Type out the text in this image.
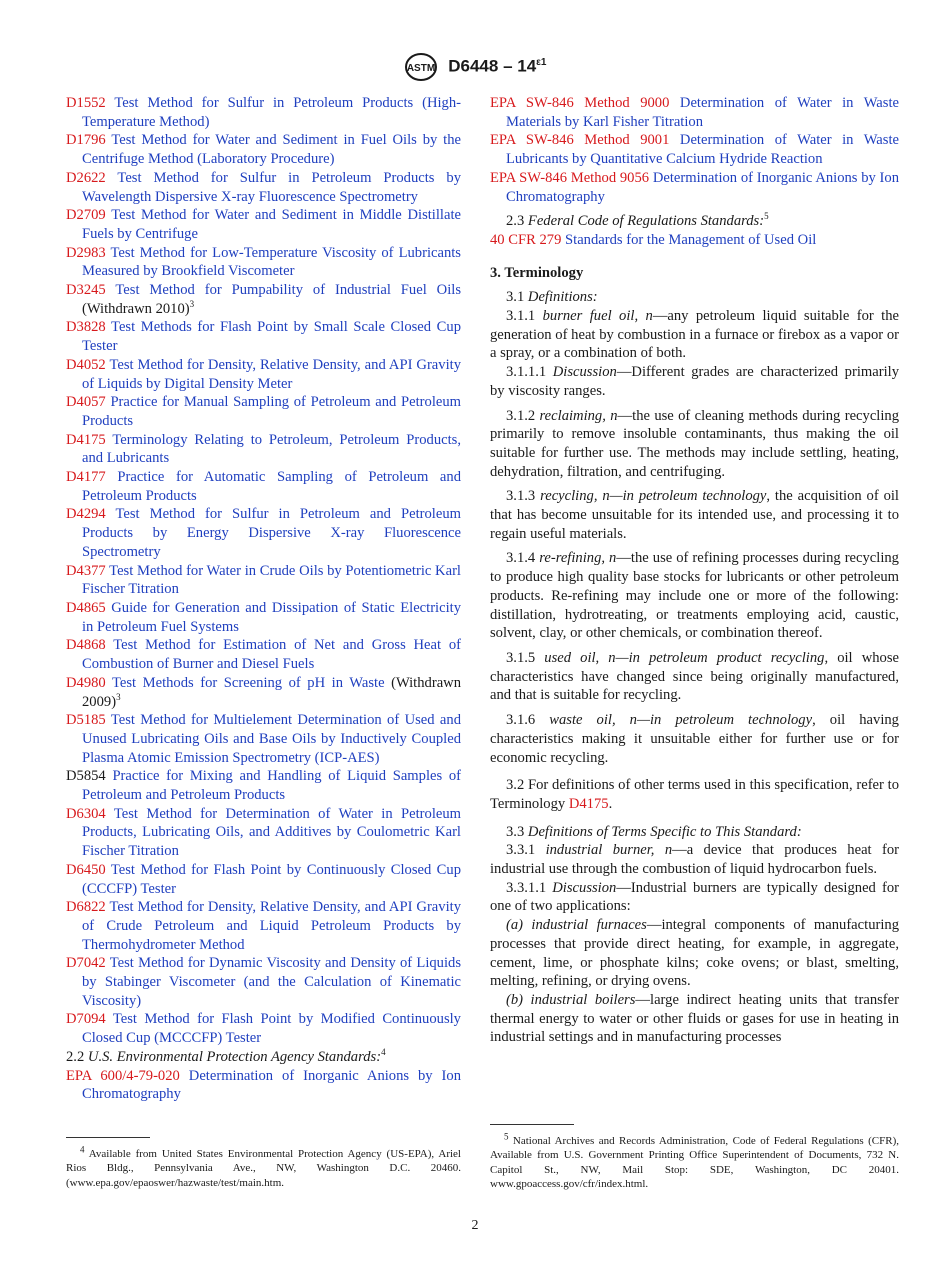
ASTM $D6448 - 14^{\varepsilon 1}$
D1552 Test Method for Sulfur in Petroleum Products (High-Temperature Method)
D1796 Test Method for Water and Sediment in Fuel Oils by the Centrifuge Method (Laboratory Procedure)
D2622 Test Method for Sulfur in Petroleum Products by Wavelength Dispersive X-ray Fluorescence Spectrometry
D2709 Test Method for Water and Sediment in Middle Distillate Fuels by Centrifuge
D2983 Test Method for Low-Temperature Viscosity of Lubricants Measured by Brookfield Viscometer
D3245 Test Method for Pumpability of Industrial Fuel Oils (Withdrawn 2010)$^3$
D3828 Test Methods for Flash Point by Small Scale Closed Cup Tester
D4052 Test Method for Density, Relative Density, and API Gravity of Liquids by Digital Density Meter
D4057 Practice for Manual Sampling of Petroleum and Petroleum Products
D4175 Terminology Relating to Petroleum, Petroleum Products, and Lubricants
D4177 Practice for Automatic Sampling of Petroleum and Petroleum Products
D4294 Test Method for Sulfur in Petroleum and Petroleum Products by Energy Dispersive X-ray Fluorescence Spectrometry
D4377 Test Method for Water in Crude Oils by Potentiometric Karl Fischer Titration
D4865 Guide for Generation and Dissipation of Static Electricity in Petroleum Fuel Systems
D4868 Test Method for Estimation of Net and Gross Heat of Combustion of Burner and Diesel Fuels
D4980 Test Methods for Screening of pH in Waste (Withdrawn 2009)$^3$
D5185 Test Method for Multielement Determination of Used and Unused Lubricating Oils and Base Oils by Inductively Coupled Plasma Atomic Emission Spectrometry (ICP-AES)
D5854 Practice for Mixing and Handling of Liquid Samples of Petroleum and Petroleum Products
D6304 Test Method for Determination of Water in Petroleum Products, Lubricating Oils, and Additives by Coulometric Karl Fischer Titration
D6450 Test Method for Flash Point by Continuously Closed Cup (CCCFP) Tester
D6822 Test Method for Density, Relative Density, and API Gravity of Crude Petroleum and Liquid Petroleum Products by Thermohydrometer Method
D7042 Test Method for Dynamic Viscosity and Density of Liquids by Stabinger Viscometer (and the Calculation of Kinematic Viscosity)
D7094 Test Method for Flash Point by Modified Continuously Closed Cup (MCCCFP) Tester
2.2 U.S. Environmental Protection Agency Standards:$^4$
EPA 600/4-79-020 Determination of Inorganic Anions by Ion Chromatography
$^4$ Available from United States Environmental Protection Agency (US-EPA), Ariel Rios Bldg., Pennsylvania Ave., NW, Washington D.C. 20460. (www.epa.gov/epaoswer/hazwaste/test/main.htm.
EPA SW-846 Method 9000 Determination of Water in Waste Materials by Karl Fisher Titration
EPA SW-846 Method 9001 Determination of Water in Waste Lubricants by Quantitative Calcium Hydride Reaction
EPA SW-846 Method 9056 Determination of Inorganic Anions by Ion Chromatography
2.3 Federal Code of Regulations Standards:$^5$
40 CFR 279 Standards for the Management of Used Oil
3. Terminology
3.1 Definitions:
3.1.1 burner fuel oil, n—any petroleum liquid suitable for the generation of heat by combustion in a furnace or firebox as a vapor or a spray, or a combination of both.
3.1.1.1 Discussion—Different grades are characterized primarily by viscosity ranges.
3.1.2 reclaiming, n—the use of cleaning methods during recycling primarily to remove insoluble contaminants, thus making the oil suitable for further use. The methods may include settling, heating, dehydration, filtration, and centrifuging.
3.1.3 recycling, n—in petroleum technology, the acquisition of oil that has become unsuitable for its intended use, and processing it to regain useful materials.
3.1.4 re-refining, n—the use of refining processes during recycling to produce high quality base stocks for lubricants or other petroleum products. Re-refining may include one or more of the following: distillation, hydrotreating, or treatments employing acid, caustic, solvent, clay, or other chemicals, or combination thereof.
3.1.5 used oil, n—in petroleum product recycling, oil whose characteristics have changed since being originally manufactured, and that is suitable for recycling.
3.1.6 waste oil, n—in petroleum technology, oil having characteristics making it unsuitable either for further use or for economic recycling.
3.2 For definitions of other terms used in this specification, refer to Terminology D4175.
3.3 Definitions of Terms Specific to This Standard:
3.3.1 industrial burner, n—a device that produces heat for industrial use through the combustion of liquid hydrocarbon fuels.
3.3.1.1 Discussion—Industrial burners are typically designed for one of two applications:
(a) industrial furnaces—integral components of manufacturing processes that provide direct heating, for example, in aggregate, cement, lime, or phosphate kilns; coke ovens; or blast, smelting, melting, refining, or drying ovens.
(b) industrial boilers—large indirect heating units that transfer thermal energy to water or other fluids or gases for use in heating in industrial settings and in manufacturing processes
$^5$ National Archives and Records Administration, Code of Federal Regulations (CFR), Available from U.S. Government Printing Office Superintendent of Documents, 732 N. Capitol St., NW, Mail Stop: SDE, Washington, DC 20401. www.gpoaccess.gov/cfr/index.html.
2
